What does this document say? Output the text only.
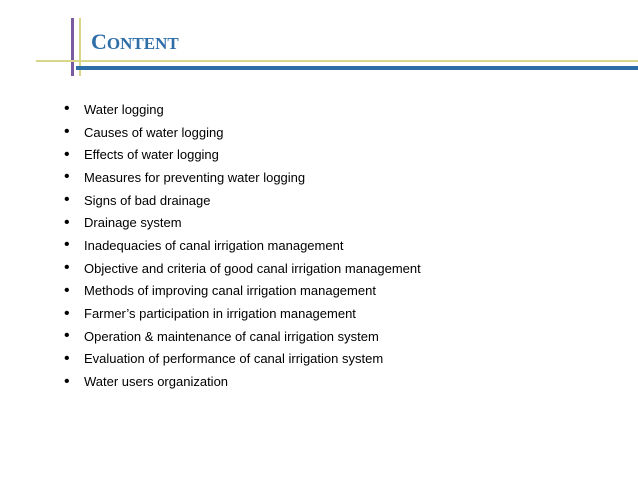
CONTENT
•	Water logging
•	Causes of water logging
•	Effects of water logging
•	Measures for preventing water logging
•	Signs of bad drainage
•	Drainage system
•	Inadequacies of canal irrigation management
•	Objective and criteria of good canal irrigation management
•	Methods of improving canal irrigation management
•	Farmer’s participation in irrigation management
•	Operation & maintenance of canal irrigation system
•	Evaluation of performance of canal irrigation system
•	Water users organization
